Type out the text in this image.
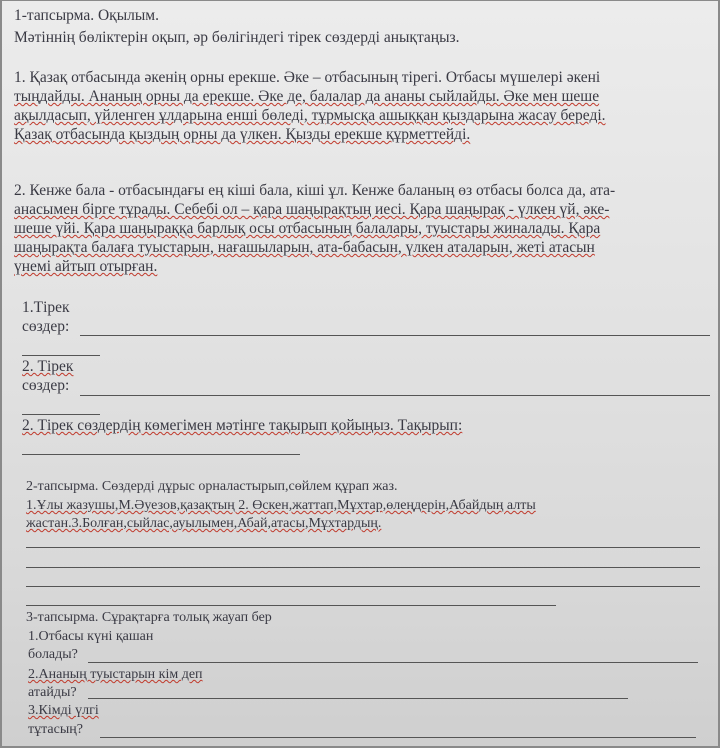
1-тапсырма. Оқылым.
Мәтіннің бөліктерін оқып, әр бөлігіндегі тірек сөздерді анықтаңыз.
1. Қазақ отбасында әкенің орны ерекше. Әке – отбасының тірегі. Отбасы мүшелері әкені
тыңдайды. Ананың орны да ерекше. Әке де, балалар да ананы сыйлайды. Әке мен шеше
ақылдасып, үйленген ұлдарына енші бөледі, тұрмысқа ашыққан қыздарына жасау береді.
Қазақ отбасында қыздың орны да үлкен. Қызды ерекше құрметтейді.
2. Кенже бала - отбасындағы ең кіші бала, кіші ұл. Кенже баланың өз отбасы болса да, ата-
анасымен бірге тұрады. Себебі ол – қара шаңырақтың иесі. Қара шаңырақ - үлкен үй, әке-
шеше үйі. Қара шаңыраққа барлық осы отбасының балалары, туыстары жиналады. Қара
шаңырақта балаға туыстарын, нағашыларын, ата-бабасын, үлкен аталарын, жеті атасын
үнемі айтып отырған.
1.Тірек
сөздер:
2. Тірек
сөздер:
2. Тірек сөздердің көмегімен мәтінге тақырып қойыңыз. Тақырып:
2-тапсырма. Сөздерді дұрыс орналастырып,сөйлем құрап жаз.
1.Ұлы жазушы,М.Әуезов,қазақтың 2. Өскен,жаттап,Мұхтар,өлеңдерін,Абайдың алты
жастан.3.Болған,сыйлас,ауылымен,Абай,атасы,Мұхтардың.
3-тапсырма. Сұрақтарға толық жауап бер
1.Отбасы күні қашан
болады?
2.Ананың туыстарын кім деп
атайды?
3.Кімді үлгі
тұтасың?
